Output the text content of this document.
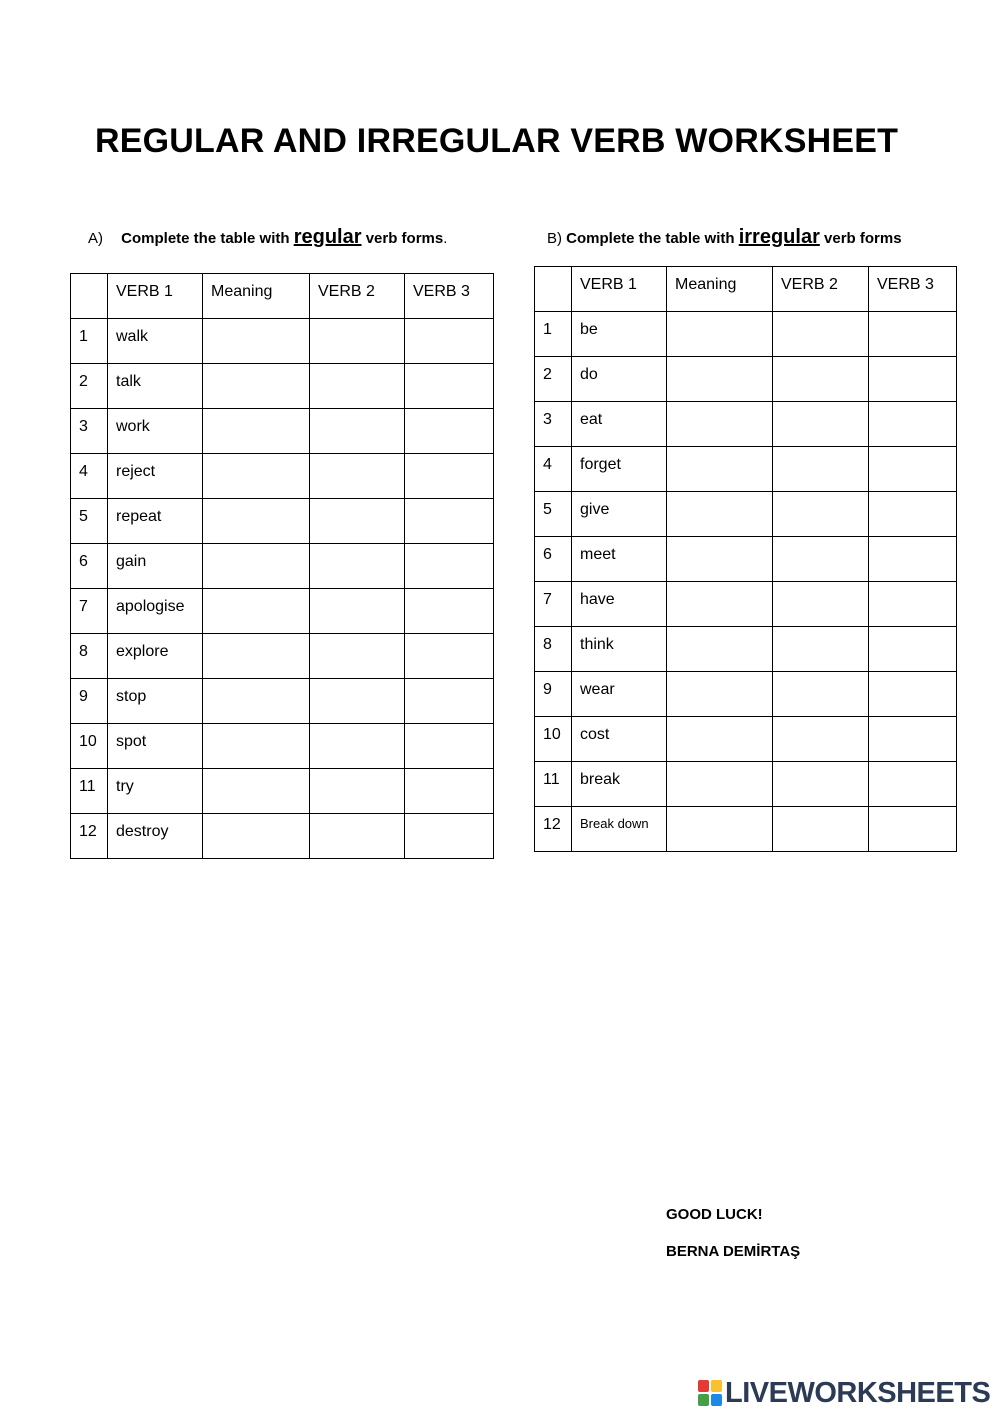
REGULAR AND IRREGULAR VERB WORKSHEET
A) Complete the table with regular verb forms.	B) Complete the table with irregular verb forms
	VERB 1	Meaning	VERB 2	VERB 3
1	walk			
2	talk			
3	work			
4	reject			
5	repeat			
6	gain			
7	apologise			
8	explore			
9	stop			
10	spot			
11	try			
12	destroy			
	VERB 1	Meaning	VERB 2	VERB 3
1	be			
2	do			
3	eat			
4	forget			
5	give			
6	meet			
7	have			
8	think			
9	wear			
10	cost			
11	break			
12	Break down			
GOOD LUCK!
BERNA DEMİRTAŞ
LIVEWORKSHEETS
